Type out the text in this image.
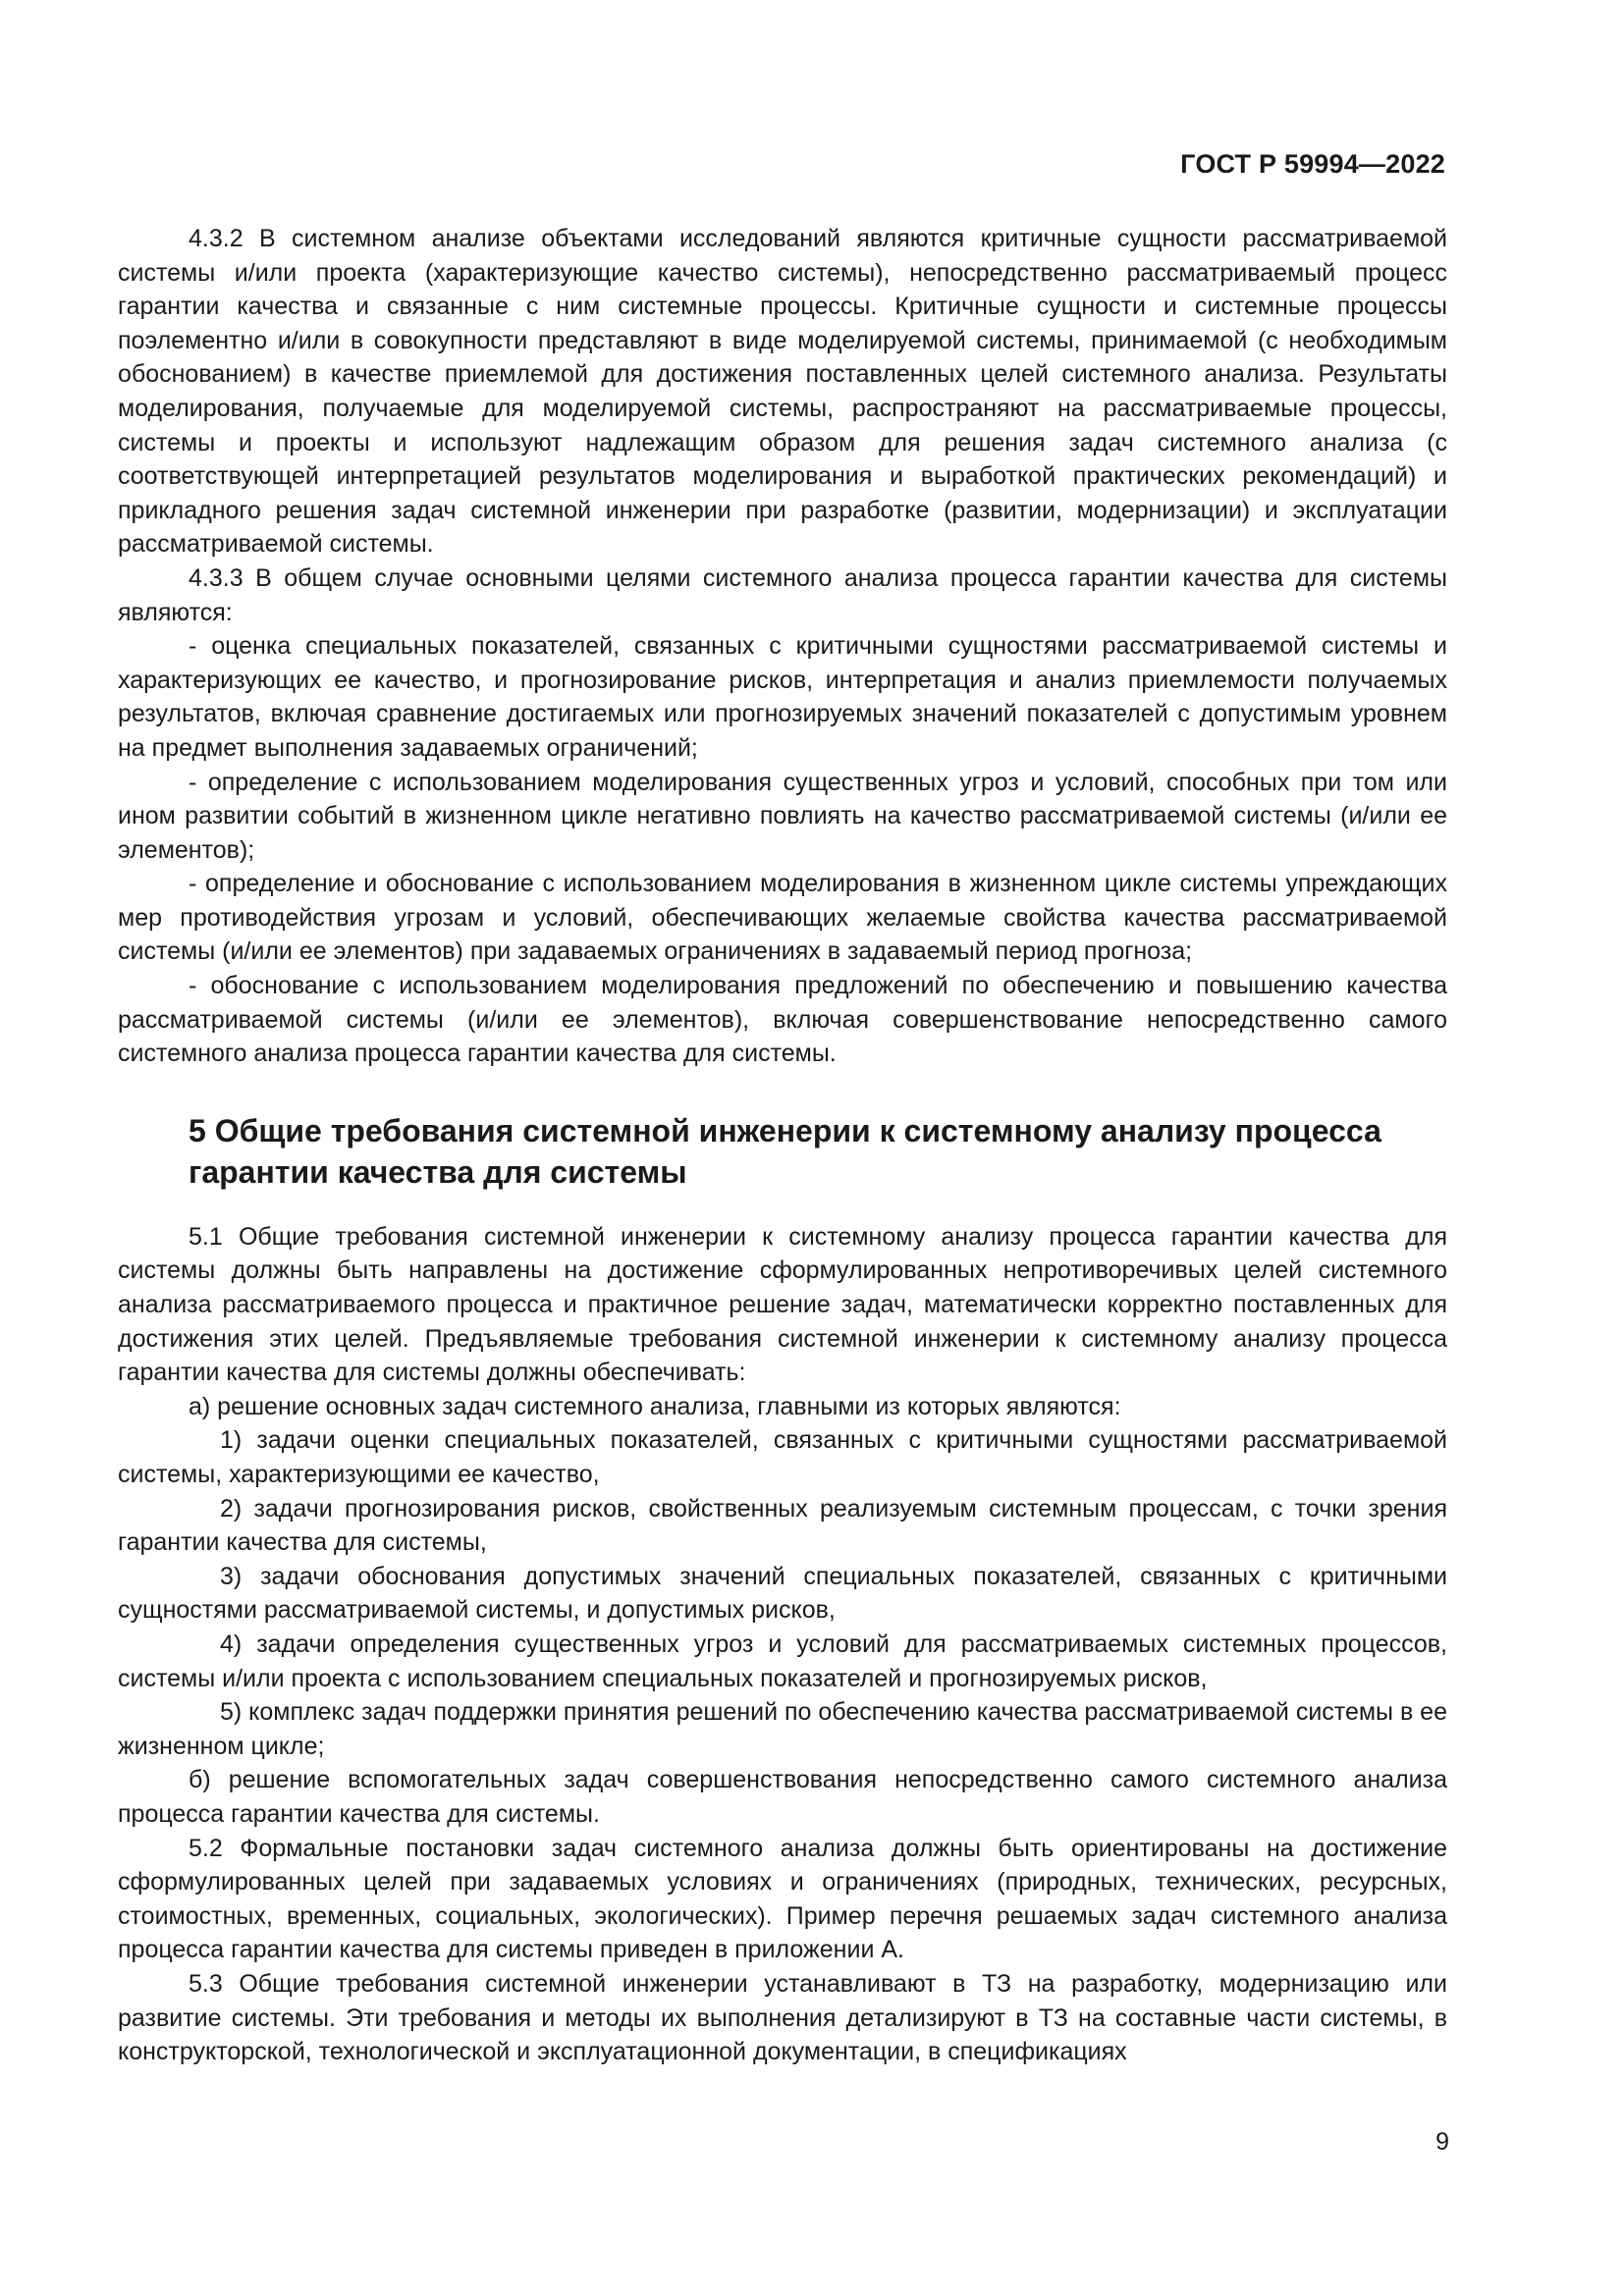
ГОСТ Р 59994—2022

4.3.2 В системном анализе объектами исследований являются критичные сущности рассматриваемой системы и/или проекта (характеризующие качество системы), непосредственно рассматриваемый процесс гарантии качества и связанные с ним системные процессы. Критичные сущности и системные процессы поэлементно и/или в совокупности представляют в виде моделируемой системы, принимаемой (с необходимым обоснованием) в качестве приемлемой для достижения поставленных целей системного анализа. Результаты моделирования, получаемые для моделируемой системы, распространяют на рассматриваемые процессы, системы и проекты и используют надлежащим образом для решения задач системного анализа (с соответствующей интерпретацией результатов моделирования и выработкой практических рекомендаций) и прикладного решения задач системной инженерии при разработке (развитии, модернизации) и эксплуатации рассматриваемой системы.

4.3.3 В общем случае основными целями системного анализа процесса гарантии качества для системы являются:

- оценка специальных показателей, связанных с критичными сущностями рассматриваемой системы и характеризующих ее качество, и прогнозирование рисков, интерпретация и анализ приемлемости получаемых результатов, включая сравнение достигаемых или прогнозируемых значений показателей с допустимым уровнем на предмет выполнения задаваемых ограничений;

- определение с использованием моделирования существенных угроз и условий, способных при том или ином развитии событий в жизненном цикле негативно повлиять на качество рассматриваемой системы (и/или ее элементов);

- определение и обоснование с использованием моделирования в жизненном цикле системы упреждающих мер противодействия угрозам и условий, обеспечивающих желаемые свойства качества рассматриваемой системы (и/или ее элементов) при задаваемых ограничениях в задаваемый период прогноза;

- обоснование с использованием моделирования предложений по обеспечению и повышению качества рассматриваемой системы (и/или ее элементов), включая совершенствование непосредственно самого системного анализа процесса гарантии качества для системы.

5 Общие требования системной инженерии к системному анализу процесса гарантии качества для системы

5.1 Общие требования системной инженерии к системному анализу процесса гарантии качества для системы должны быть направлены на достижение сформулированных непротиворечивых целей системного анализа рассматриваемого процесса и практичное решение задач, математически корректно поставленных для достижения этих целей. Предъявляемые требования системной инженерии к системному анализу процесса гарантии качества для системы должны обеспечивать:

а) решение основных задач системного анализа, главными из которых являются:

1) задачи оценки специальных показателей, связанных с критичными сущностями рассматриваемой системы, характеризующими ее качество,

2) задачи прогнозирования рисков, свойственных реализуемым системным процессам, с точки зрения гарантии качества для системы,

3) задачи обоснования допустимых значений специальных показателей, связанных с критичными сущностями рассматриваемой системы, и допустимых рисков,

4) задачи определения существенных угроз и условий для рассматриваемых системных процессов, системы и/или проекта с использованием специальных показателей и прогнозируемых рисков,

5) комплекс задач поддержки принятия решений по обеспечению качества рассматриваемой системы в ее жизненном цикле;

б) решение вспомогательных задач совершенствования непосредственно самого системного анализа процесса гарантии качества для системы.

5.2 Формальные постановки задач системного анализа должны быть ориентированы на достижение сформулированных целей при задаваемых условиях и ограничениях (природных, технических, ресурсных, стоимостных, временных, социальных, экологических). Пример перечня решаемых задач системного анализа процесса гарантии качества для системы приведен в приложении А.

5.3 Общие требования системной инженерии устанавливают в ТЗ на разработку, модернизацию или развитие системы. Эти требования и методы их выполнения детализируют в ТЗ на составные части системы, в конструкторской, технологической и эксплуатационной документации, в спецификациях

9
